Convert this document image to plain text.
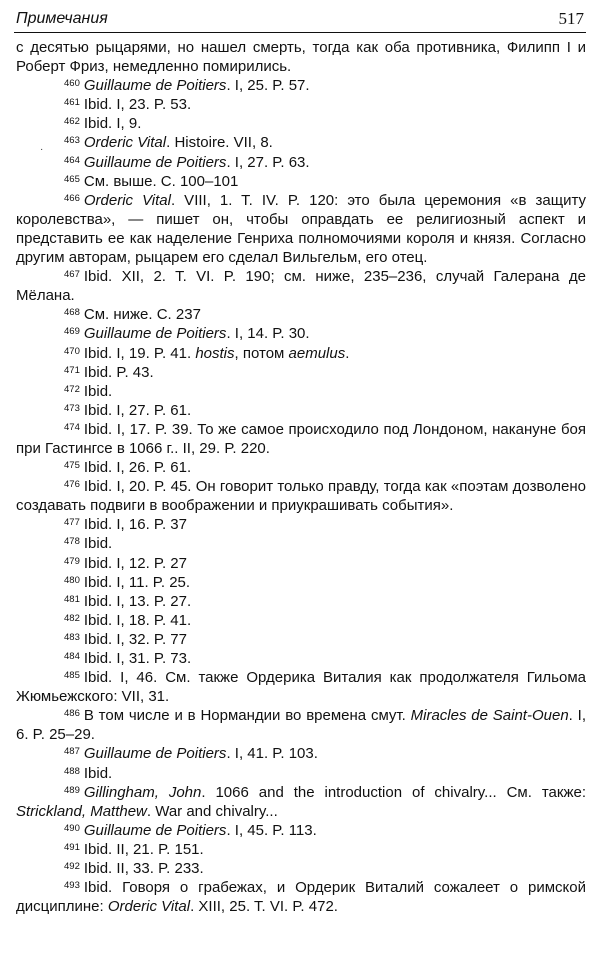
Примечания	517
·

с десятью рыцарями, но нашел смерть, тогда как оба противника, Филипп I и Роберт Фриз, немедленно помирились.

$^{460}$ Guillaume de Poitiers. I, 25. P. 57.

$^{461}$ Ibid. I, 23. P. 53.

$^{462}$ Ibid. I, 9.

$^{463}$ Orderic Vital. Histoire. VII, 8.

$^{464}$ Guillaume de Poitiers. I, 27. P. 63.

$^{465}$ См. выше. С. 100–101

$^{466}$ Orderic Vital. VIII, 1. T. IV. P. 120: это была церемония «в защиту королевства», — пишет он, чтобы оправдать ее религиозный аспект и представить ее как наделение Генриха полномочиями короля и князя. Согласно другим авторам, рыцарем его сделал Вильгельм, его отец.

$^{467}$ Ibid. XII, 2. T. VI. P. 190; см. ниже, 235–236, случай Галерана де Мёлана.

$^{468}$ См. ниже. С. 237

$^{469}$ Guillaume de Poitiers. I, 14. P. 30.

$^{470}$ Ibid. I, 19. P. 41. hostis, потом aemulus.

$^{471}$ Ibid. P. 43.

$^{472}$ Ibid.

$^{473}$ Ibid. I, 27. P. 61.

$^{474}$ Ibid. I, 17. P. 39. То же самое происходило под Лондоном, накануне боя при Гастингсе в 1066 г.. II, 29. P. 220.

$^{475}$ Ibid. I, 26. P. 61.

$^{476}$ Ibid. I, 20. P. 45. Он говорит только правду, тогда как «поэтам дозволено создавать подвиги в воображении и приукрашивать события».

$^{477}$ Ibid. I, 16. P. 37

$^{478}$ Ibid.

$^{479}$ Ibid. I, 12. P. 27

$^{480}$ Ibid. I, 11. P. 25.

$^{481}$ Ibid. I, 13. P. 27.

$^{482}$ Ibid. I, 18. P. 41.

$^{483}$ Ibid. I, 32. P. 77

$^{484}$ Ibid. I, 31. P. 73.

$^{485}$ Ibid. I, 46. См. также Ордерика Виталия как продолжателя Гильома Жюмьежского: VII, 31.

$^{486}$ В том числе и в Нормандии во времена смут. Miracles de Saint-Ouen. I, 6. P. 25–29.

$^{487}$ Guillaume de Poitiers. I, 41. P. 103.

$^{488}$ Ibid.

$^{489}$ Gillingham, John. 1066 and the introduction of chivalry... См. также: Strickland, Matthew. War and chivalry...

$^{490}$ Guillaume de Poitiers. I, 45. P. 113.

$^{491}$ Ibid. II, 21. P. 151.

$^{492}$ Ibid. II, 33. P. 233.

$^{493}$ Ibid. Говоря о грабежах, и Ордерик Виталий сожалеет о римской дисциплине: Orderic Vital. XIII, 25. T. VI. P. 472.
